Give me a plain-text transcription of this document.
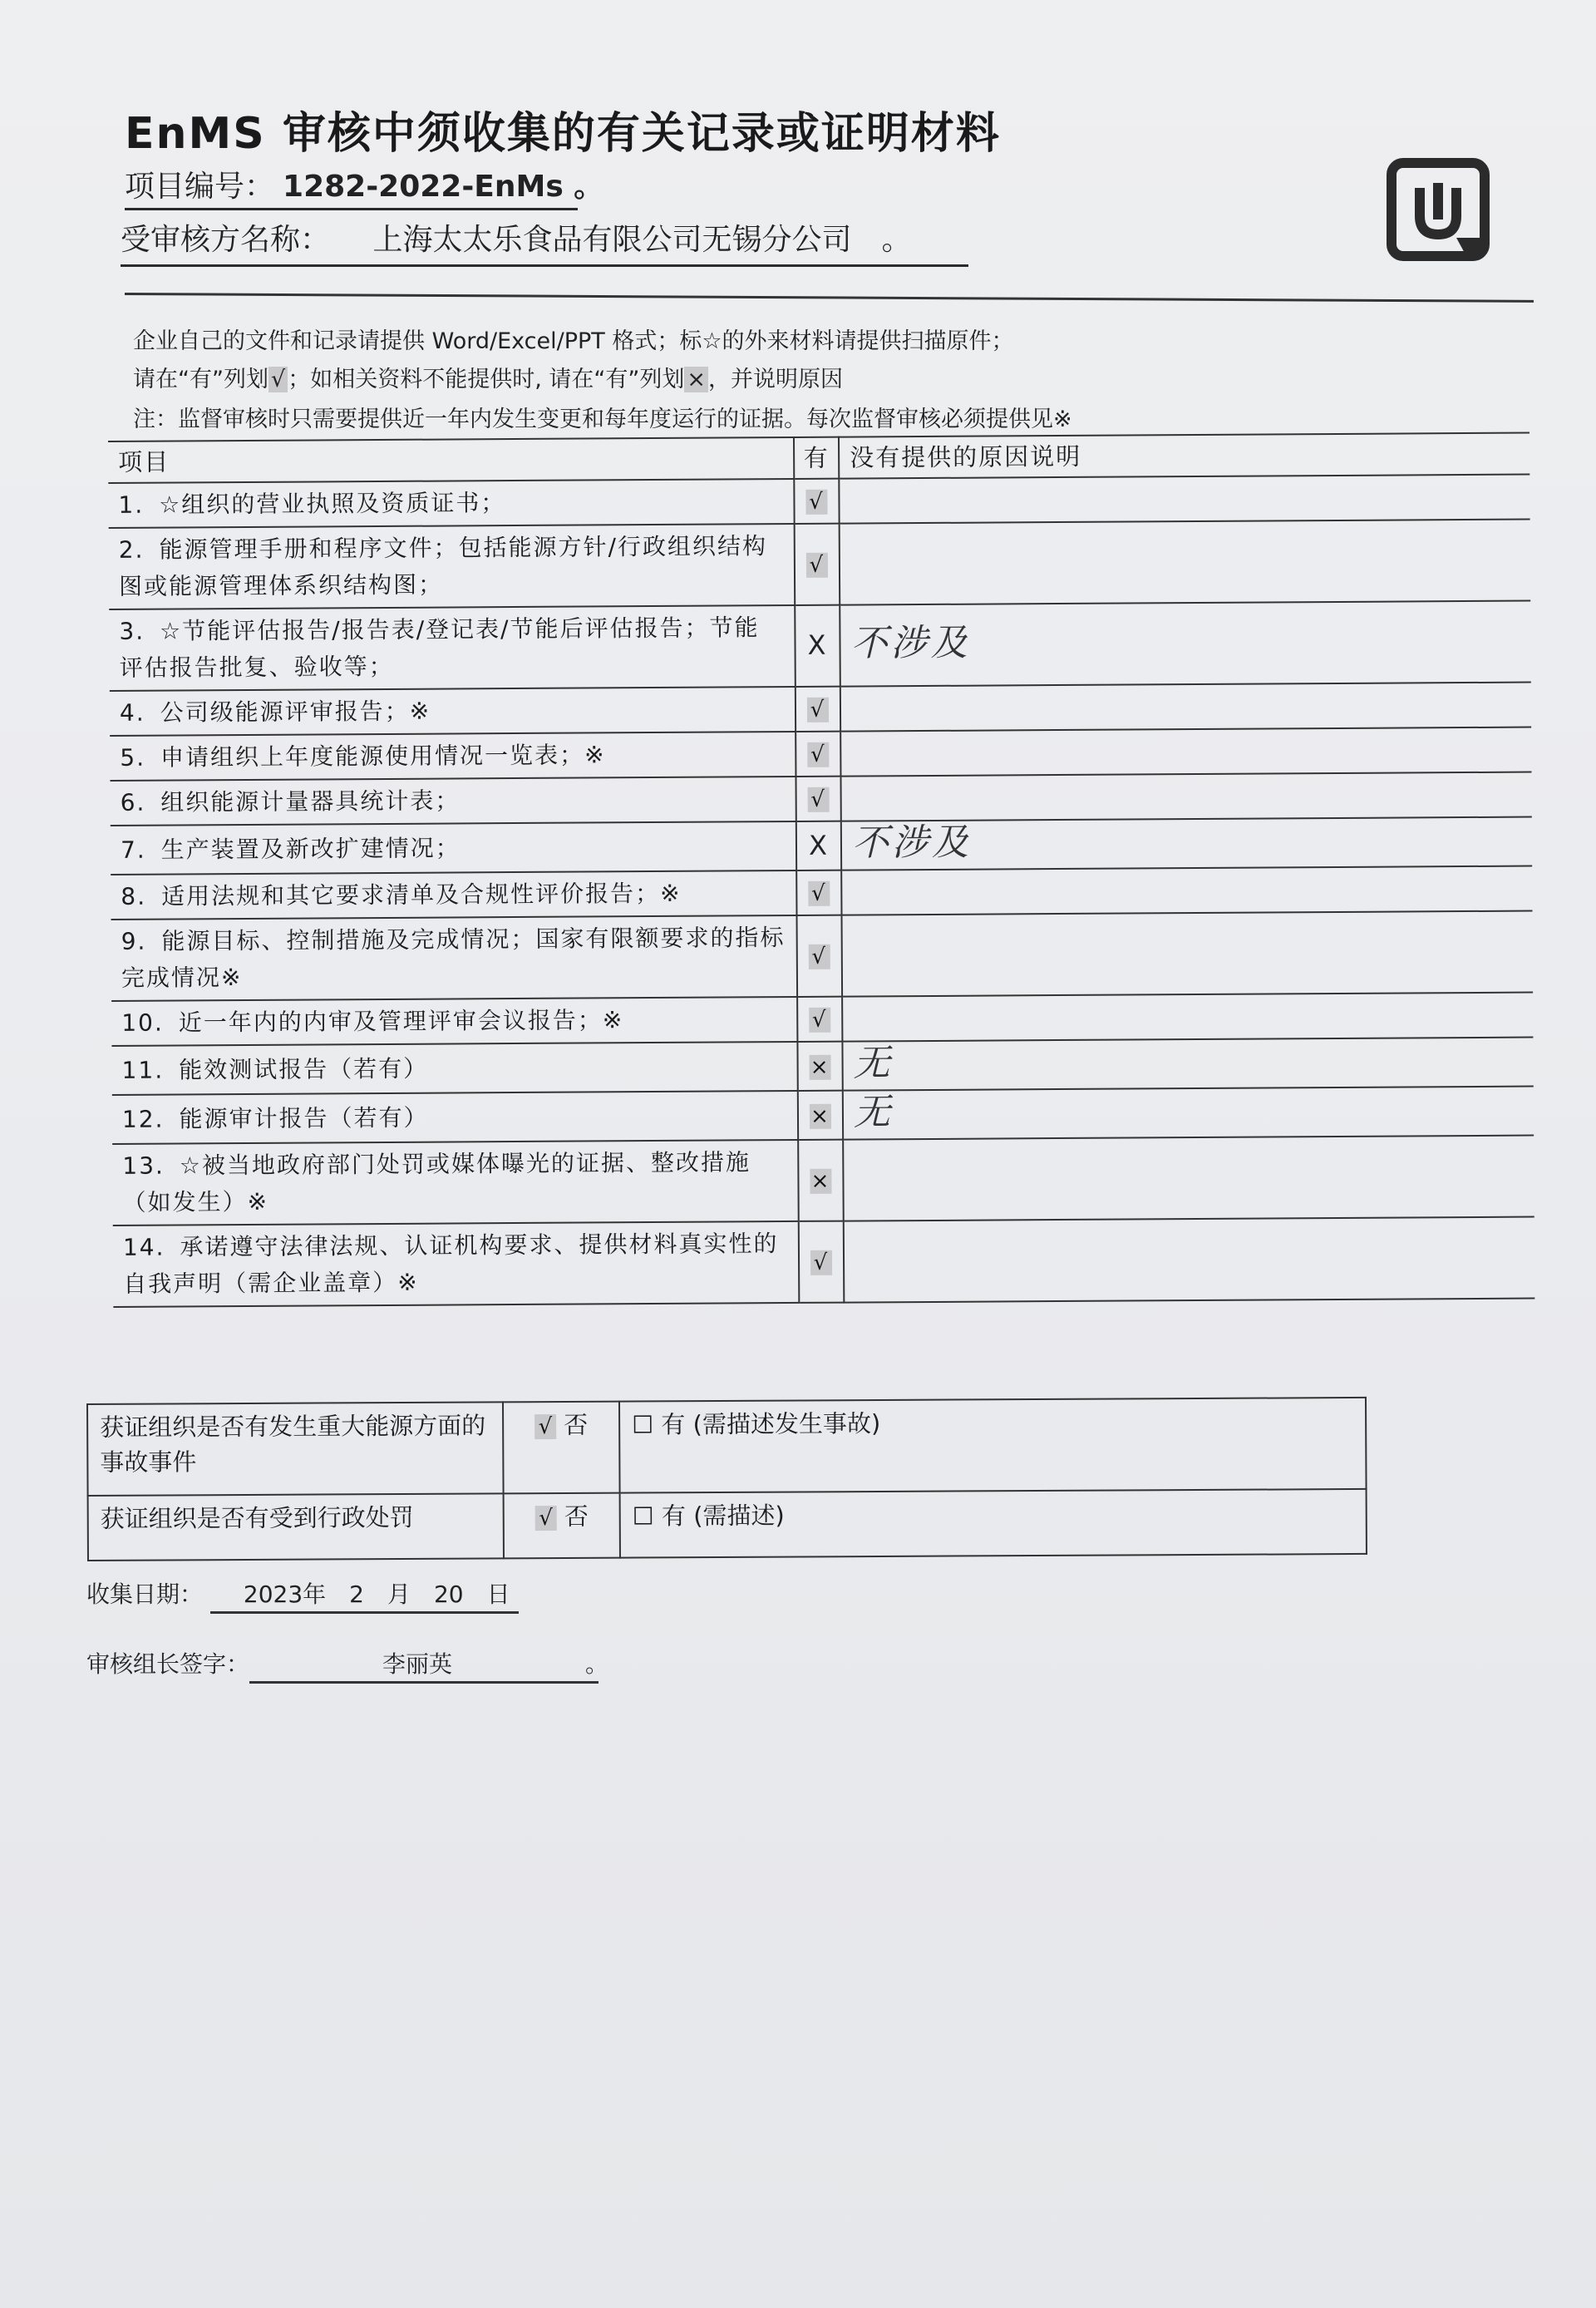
EnMS 审核中须收集的有关记录或证明材料
项目编号： 1282-2022-EnMs 。
受审核方名称： 上海太太乐食品有限公司无锡分公司　。
企业自己的文件和记录请提供 Word/Excel/PPT 格式；标☆的外来材料请提供扫描原件；
请在“有”列划 √ ；如相关资料不能提供时, 请在“有”列划 × ，并说明原因
注：监督审核时只需要提供近一年内发生变更和每年度运行的证据。每次监督审核必须提供见※
项目	有	没有提供的原因说明
1. ☆组织的营业执照及资质证书；	√	
2. 能源管理手册和程序文件；包括能源方针/行政组织结构图或能源管理体系织结构图；	√	
3. ☆节能评估报告/报告表/登记表/节能后评估报告；节能评估报告批复、验收等；	X	不涉及
4. 公司级能源评审报告；※	√	
5. 申请组织上年度能源使用情况一览表；※	√	
6. 组织能源计量器具统计表；	√	
7. 生产装置及新改扩建情况；	X	不涉及
8. 适用法规和其它要求清单及合规性评价报告；※	√	
9. 能源目标、控制措施及完成情况；国家有限额要求的指标完成情况※	√	
10. 近一年内的内审及管理评审会议报告；※	√	
11. 能效测试报告（若有）	×	无
12. 能源审计报告（若有）	×	无
13. ☆被当地政府部门处罚或媒体曝光的证据、整改措施（如发生）※	×	
14. 承诺遵守法律法规、认证机构要求、提供材料真实性的自我声明（需企业盖章）※	√	
获证组织是否有发生重大能源方面的事故事件	√ 否	☐ 有 (需描述发生事故)
获证组织是否有受到行政处罚	√ 否	☐ 有 (需描述)
收集日期： 2023年　2　月　20　日
审核组长签字：	李丽英	。
